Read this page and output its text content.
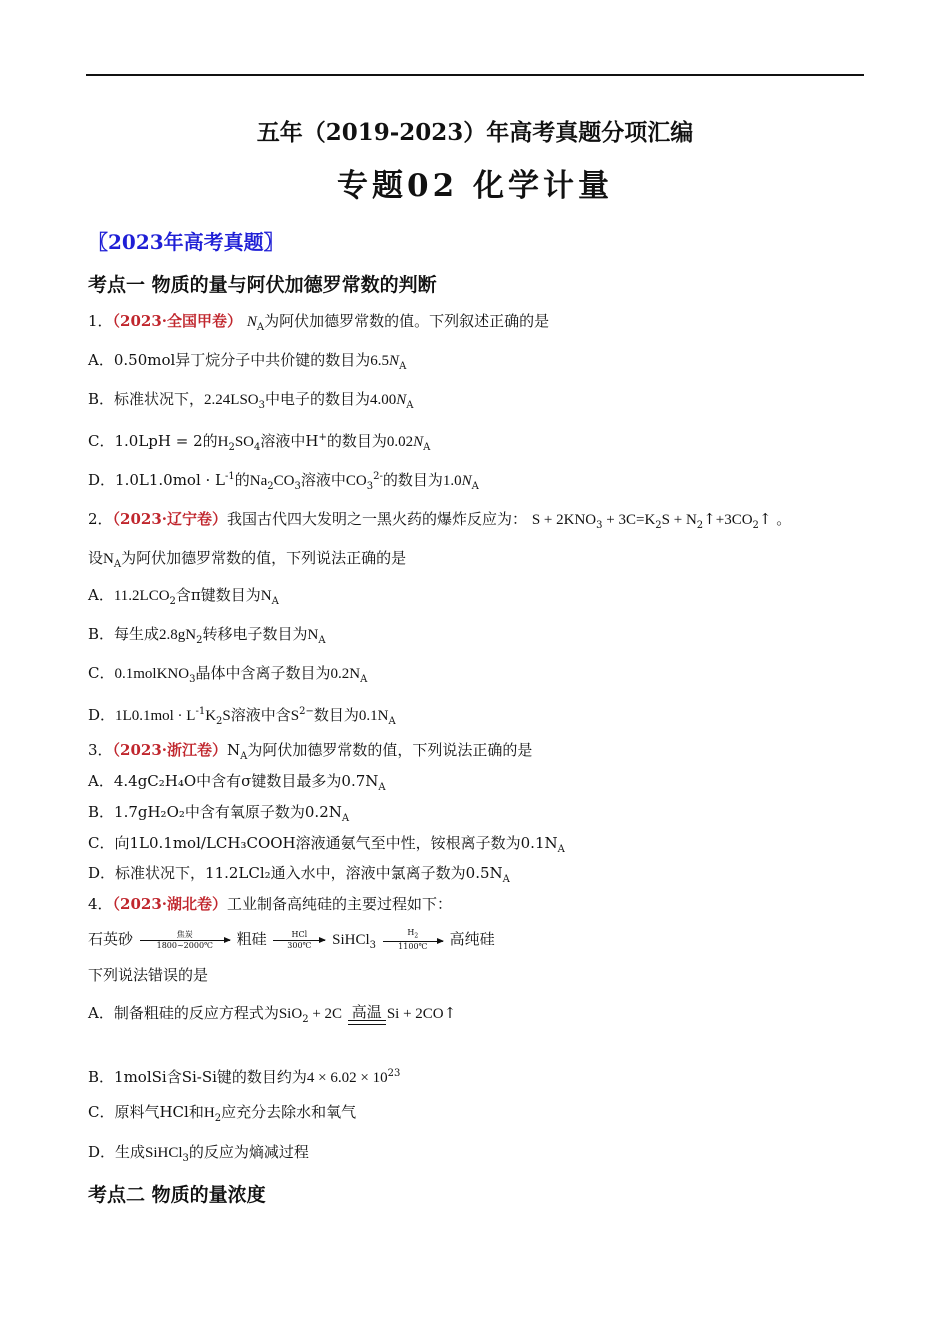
五年（2019-2023）年高考真题分项汇编
专题02 化学计量
〖2023年高考真题〗
考点一 物质的量与阿伏加德罗常数的判断
1．（2023·全国甲卷） $N_A$为阿伏加德罗常数的值。下列叙述正确的是
A．0.50mol异丁烷分子中共价键的数目为$6.5N_A$
B．标准状况下，$2.24LSO_3$中电子的数目为$4.00N_A$
C．1.0LpH = 2的$H_2SO_4$溶液中H+的数目为$0.02N_A$
D．$1.0L1.0mol \cdot L^{-1}$的$Na_2CO_3$溶液中$CO_3^{2-}$的数目为$1.0N_A$
2．（2023·辽宁卷）我国古代四大发明之一黑火药的爆炸反应为： $S + 2KNO_3 + 3C=K_2S$ + $N_2↑+3CO_2↑$ 。
设$N_A$为阿伏加德罗常数的值，下列说法正确的是
A．$11.2LCO_2$含π键数目为$N_A$
B．每生成$2.8gN_2$转移电子数目为$N_A$
C．0.1molKNO$_3$晶体中含离子数目为$0.2N_A$
D．$1L0.1mol \cdot L^{-1}K_2S$溶液中含$S^{2-}$数目为$0.1N_A$
3．（2023·浙江卷）$N_A$为阿伏加德罗常数的值，下列说法正确的是
A．4.4gC₂H₄O中含有σ键数目最多为$0.7N_A$
B．1.7gH₂O₂中含有氧原子数为$0.2N_A$
C．向1L0.1mol/LCH₃COOH溶液通氨气至中性，铵根离子数为$0.1N_A$
D．标准状况下，11.2LCl₂通入水中，溶液中氯离子数为$0.5N_A$
4．（2023·湖北卷）工业制备高纯硅的主要过程如下：
石英砂	焦炭
1800~2000℃	粗硅	HCl
300℃	SiHCl$_3$ $\frac{H_2}{1100℃}$ 高纯硅
下列说法错误的是
A．制备粗硅的反应方程式为SiO$_2$ + 2C 高温 Si + 2CO↑
B．1molSi含Si-Si键的数目约为$4 \times 6.02 \times 10^{23}$
C．原料气HCl和$H_2$应充分去除水和氧气
D．生成SiHCl$_3$的反应为熵减过程
考点二 物质的量浓度
